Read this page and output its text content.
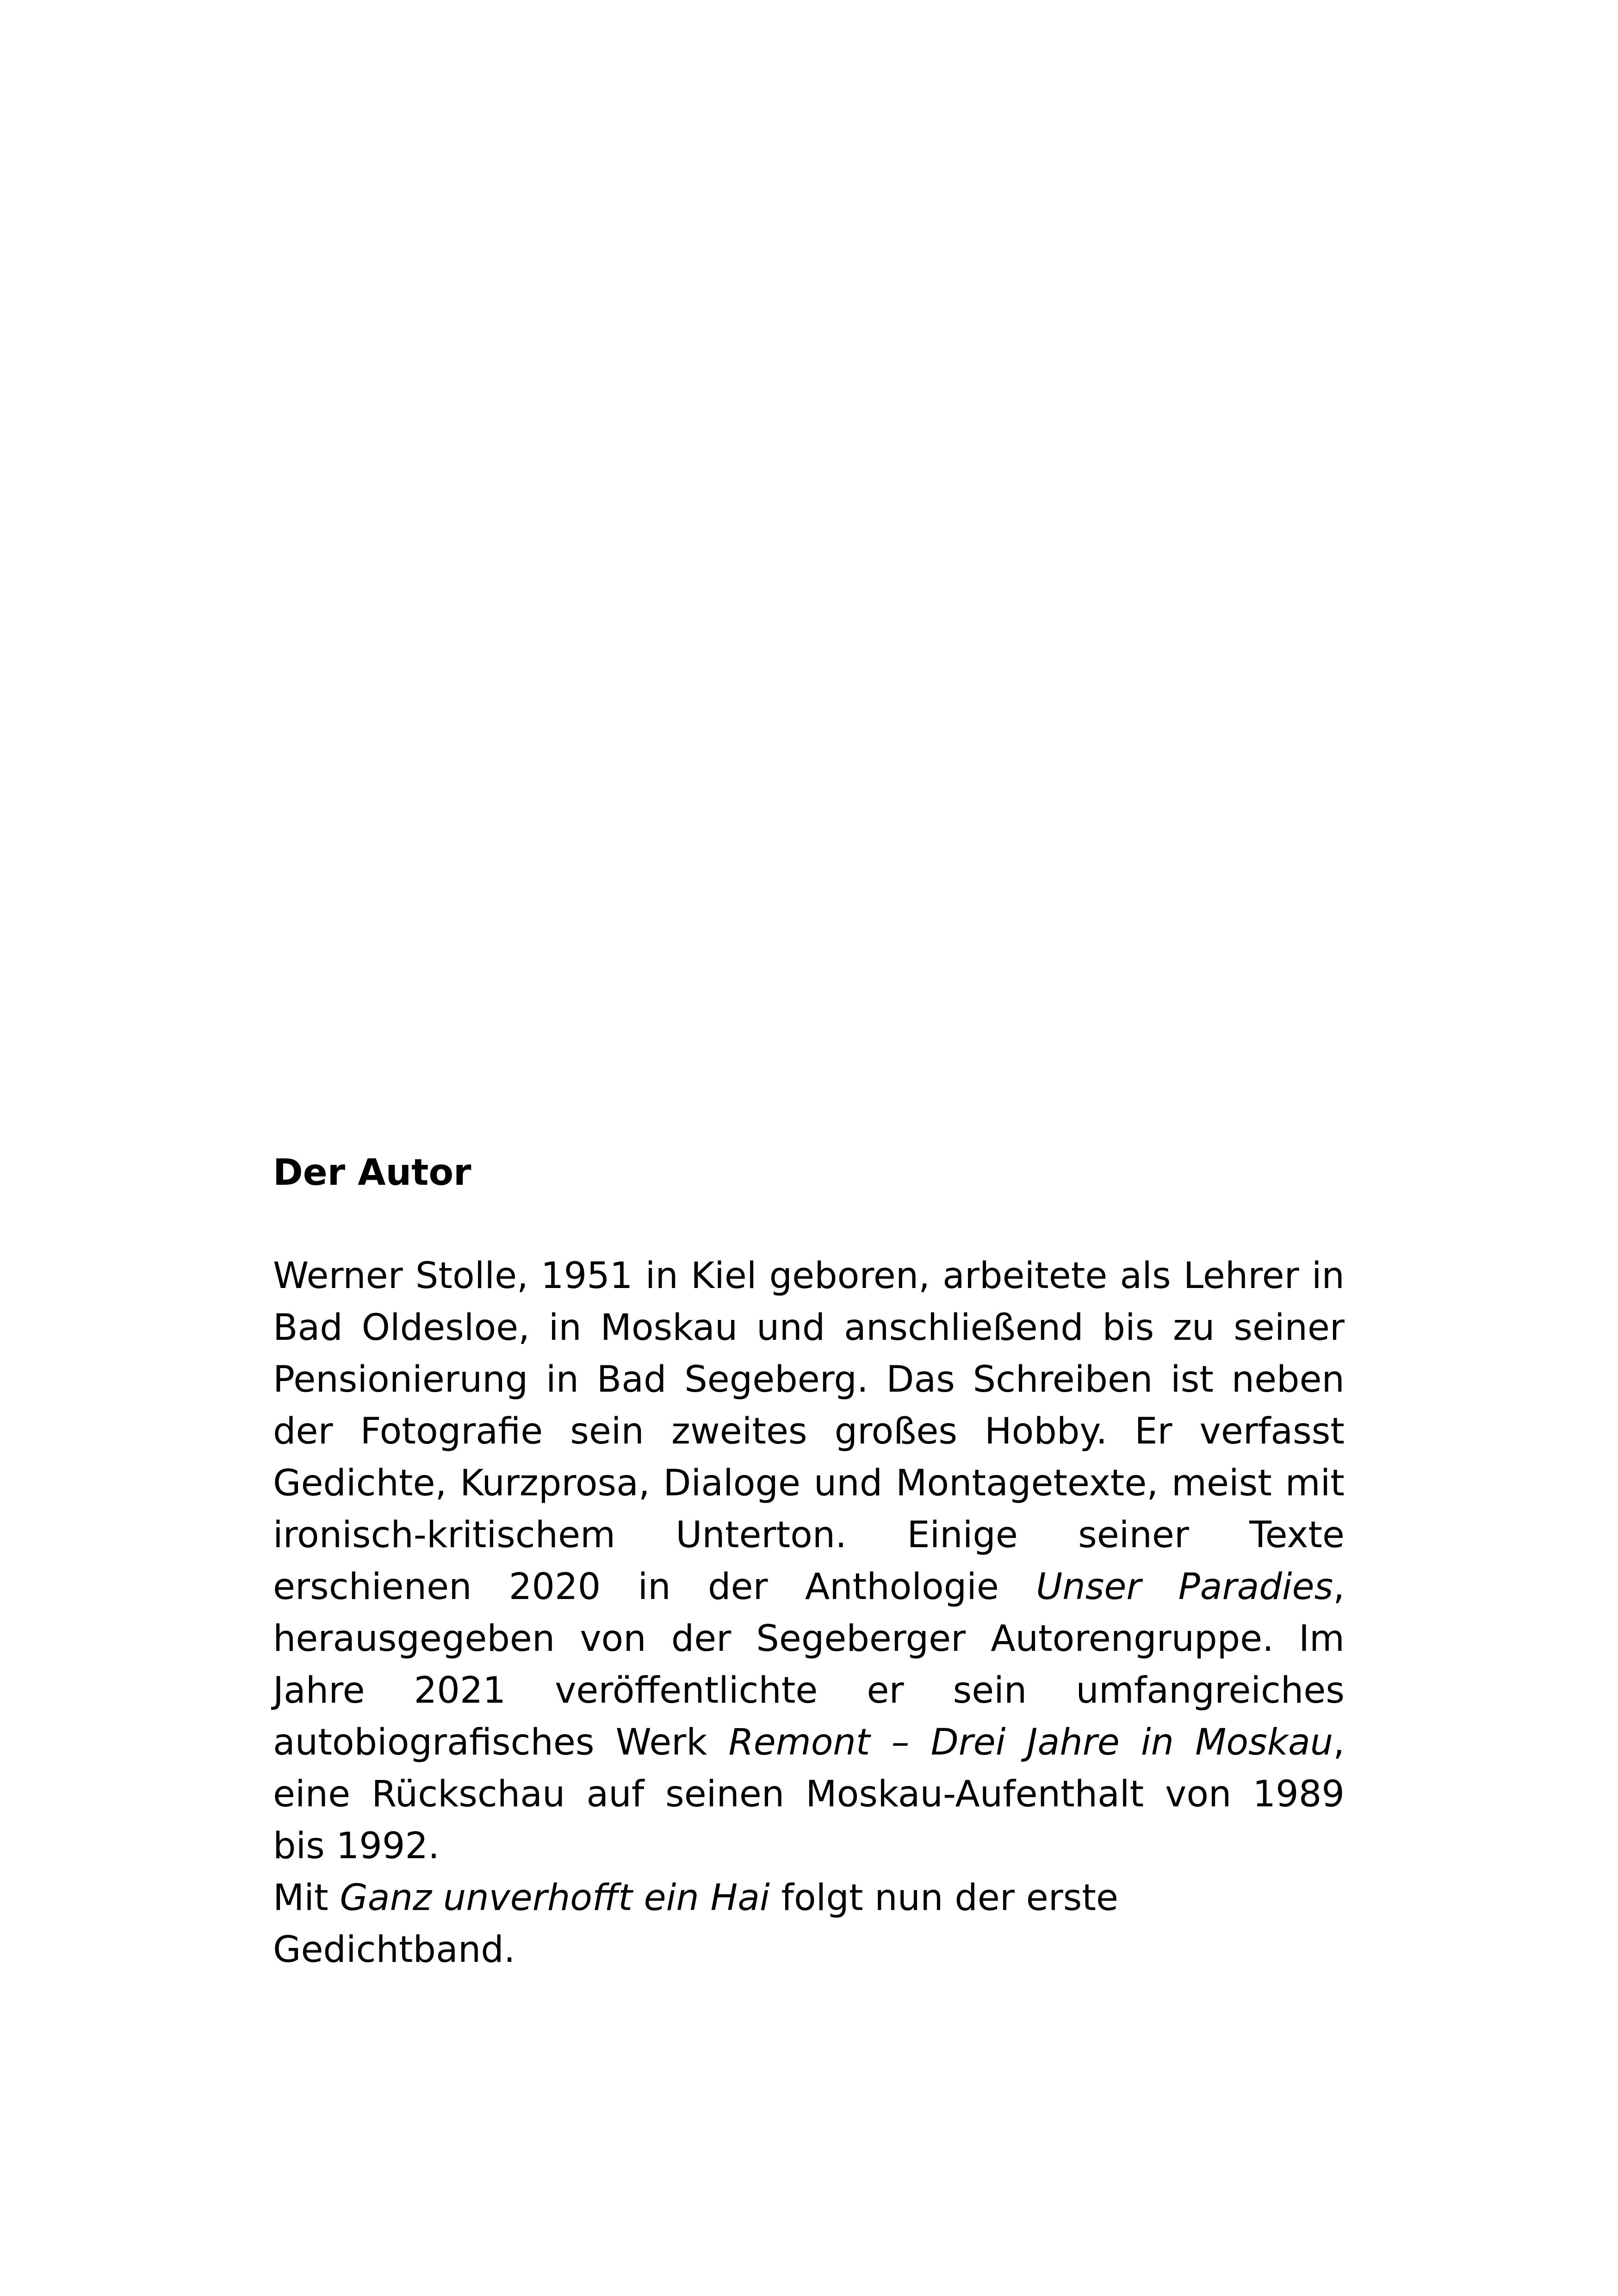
Der Autor

Werner Stolle, 1951 in Kiel geboren, arbeitete als Lehrer in Bad Oldesloe, in Moskau und anschließend bis zu seiner Pensionierung in Bad Segeberg. Das Schreiben ist neben der Fotografie sein zweites großes Hobby. Er verfasst Gedichte, Kurzprosa, Dialoge und Montagetexte, meist mit ironisch-kritischem Unterton. Einige seiner Texte erschienen 2020 in der Anthologie Unser Paradies, herausgegeben von der Segeberger Autorengruppe. Im Jahre 2021 veröffentlichte er sein umfangreiches autobiografisches Werk Remont – Drei Jahre in Moskau, eine Rückschau auf seinen Moskau-Aufenthalt von 1989 bis 1992.

Mit Ganz unverhofft ein Hai folgt nun der erste Gedichtband.
